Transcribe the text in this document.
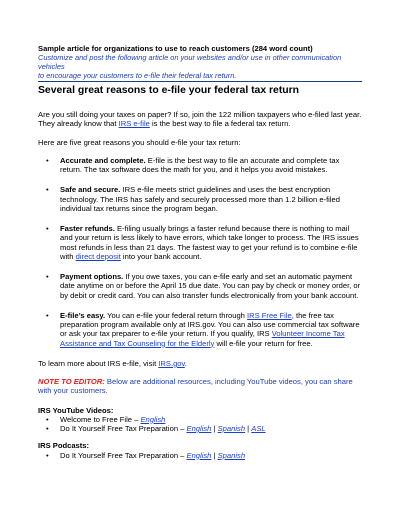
Sample article for organizations to use to reach customers (284 word count)
Customize and post the following article on your websites and/or use in other communication vehicles
to encourage your customers to e-file their federal tax return.
Several great reasons to e-file your federal tax return

Are you still doing your taxes on paper? If so, join the 122 million taxpayers who e-filed last year. They already know that IRS e-file is the best way to file a federal tax return.

Here are five great reasons you should e-file your tax return:

• Accurate and complete. E-file is the best way to file an accurate and complete tax return. The tax software does the math for you, and it helps you avoid mistakes.
• Safe and secure. IRS e-file meets strict guidelines and uses the best encryption technology. The IRS has safely and securely processed more than 1.2 billion e-filed individual tax returns since the program began.
• Faster refunds. E-filing usually brings a faster refund because there is nothing to mail and your return is less likely to have errors, which take longer to process. The IRS issues most refunds in less than 21 days. The fastest way to get your refund is to combine e-file with direct deposit into your bank account.
• Payment options. If you owe taxes, you can e-file early and set an automatic payment date anytime on or before the April 15 due date. You can pay by check or money order, or by debit or credit card. You can also transfer funds electronically from your bank account.
• E-file’s easy. You can e-file your federal return through IRS Free File, the free tax preparation program available only at IRS.gov. You can also use commercial tax software or ask your tax preparer to e-file your return. If you qualify, IRS Volunteer Income Tax Assistance and Tax Counseling for the Elderly will e-file your return for free.

To learn more about IRS e-file, visit IRS.gov.

NOTE TO EDITOR: Below are additional resources, including YouTube videos, you can share with your customers.

IRS YouTube Videos:
• Welcome to Free File – English
• Do It Yourself Free Tax Preparation – English | Spanish | ASL
IRS Podcasts:
• Do It Yourself Free Tax Preparation – English | Spanish
